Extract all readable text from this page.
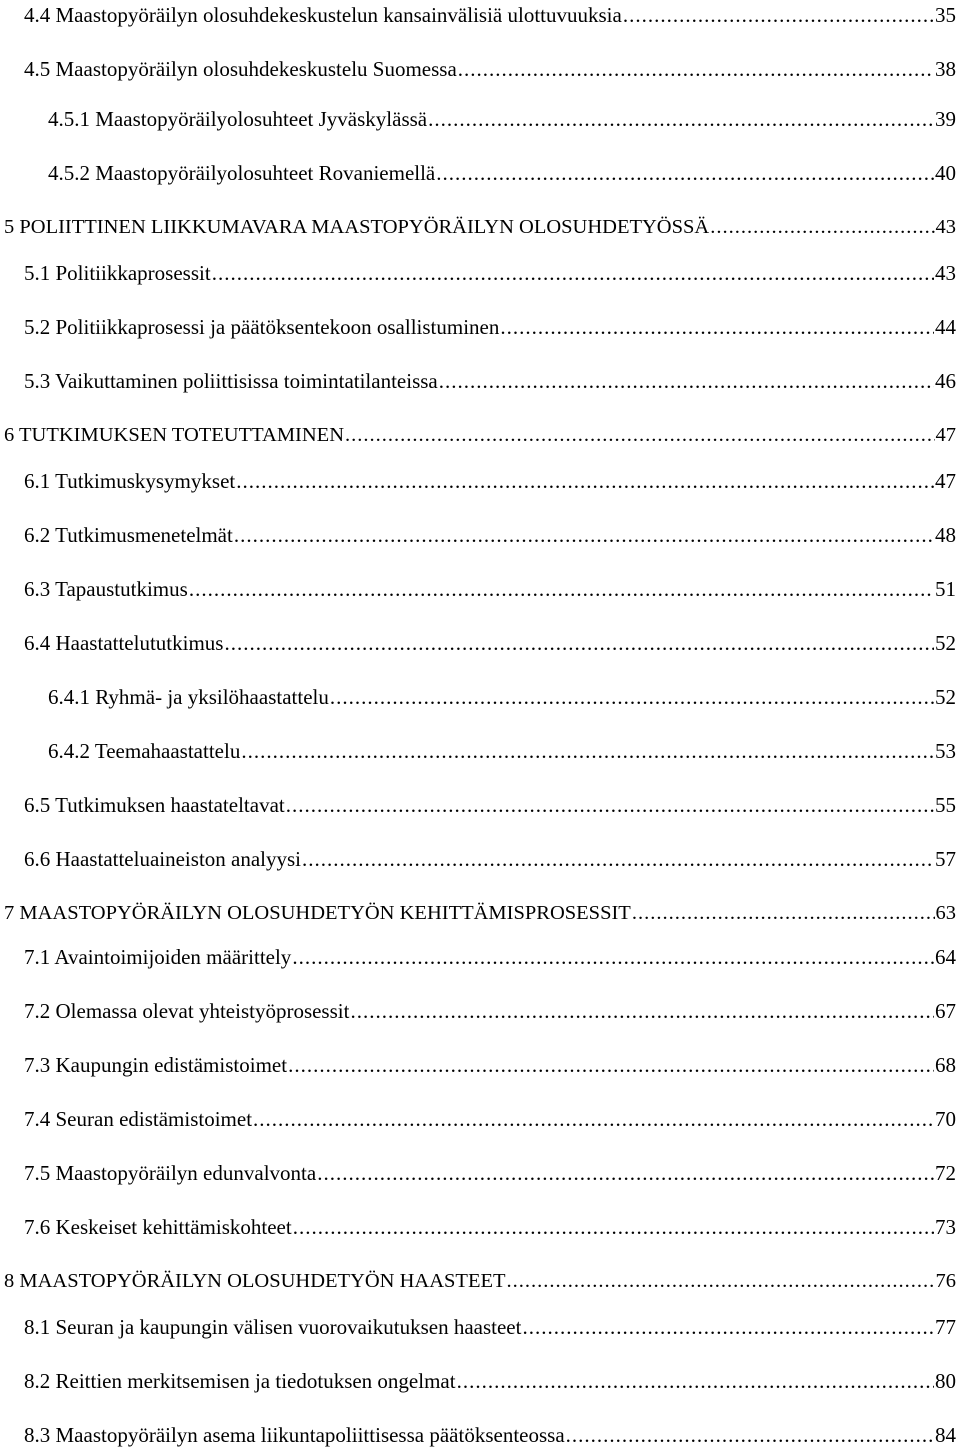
4.4 Maastopyöräilyn olosuhdekeskustelun kansainvälisiä ulottuvuuksia .....	35
4.5 Maastopyöräilyn olosuhdekeskustelu Suomessa .....	38
4.5.1 Maastopyöräilyolosuhteet Jyväskylässä .....	39
4.5.2 Maastopyöräilyolosuhteet Rovaniemellä .....	40
5 POLIITTINEN LIIKKUMAVARA MAASTOPYÖRÄILYN OLOSUHDETYÖSSÄ .....	43
5.1 Politiikkaprosessit .....	43
5.2 Politiikkaprosessi ja päätöksentekoon osallistuminen .....	44
5.3 Vaikuttaminen poliittisissa toimintatilanteissa .....	46
6 TUTKIMUKSEN TOTEUTTAMINEN .....	47
6.1 Tutkimuskysymykset .....	47
6.2 Tutkimusmenetelmät .....	48
6.3 Tapaustutkimus .....	51
6.4 Haastattelututkimus .....	52
6.4.1 Ryhmä- ja yksilöhaastattelu .....	52
6.4.2 Teemahaastattelu .....	53
6.5 Tutkimuksen haastateltavat .....	55
6.6 Haastatteluaineiston analyysi .....	57
7 MAASTOPYÖRÄILYN OLOSUHDETYÖN KEHITTÄMISPROSESSIT .....	63
7.1 Avaintoimijoiden määrittely .....	64
7.2 Olemassa olevat yhteistyöprosessit .....	67
7.3 Kaupungin edistämistoimet .....	68
7.4 Seuran edistämistoimet .....	70
7.5 Maastopyöräilyn edunvalvonta .....	72
7.6 Keskeiset kehittämiskohteet .....	73
8 MAASTOPYÖRÄILYN OLOSUHDETYÖN HAASTEET .....	76
8.1 Seuran ja kaupungin välisen vuorovaikutuksen haasteet .....	77
8.2 Reittien merkitsemisen ja tiedotuksen ongelmat .....	80
8.3 Maastopyöräilyn asema liikuntapoliittisessa päätöksenteossa .....	84
